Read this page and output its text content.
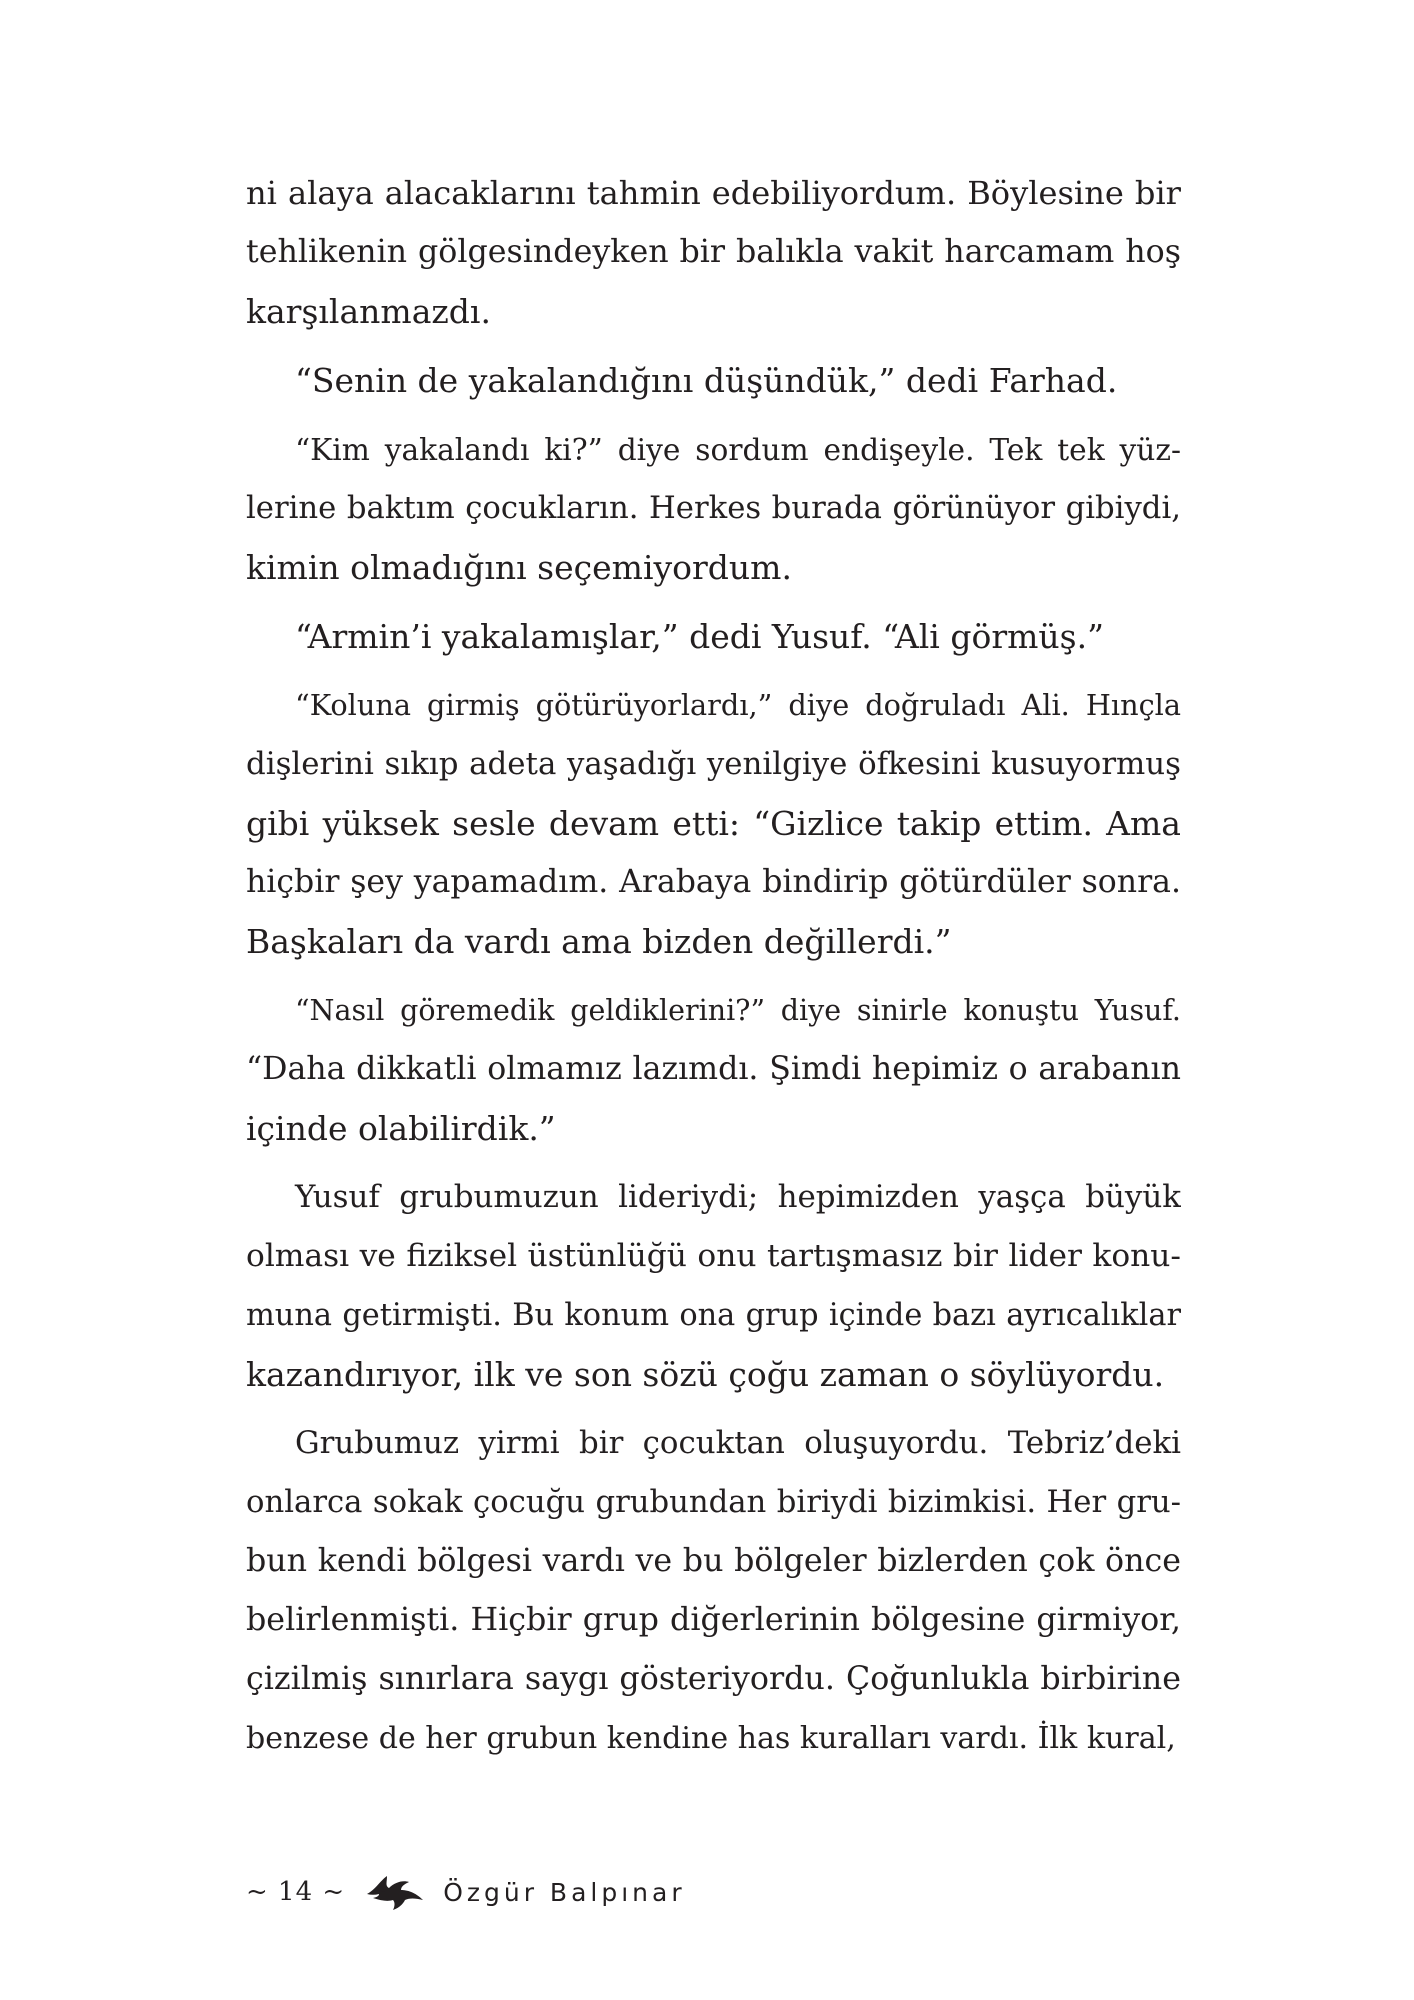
ni alaya alacaklarını tahmin edebiliyordum. Böylesine bir
tehlikenin gölgesindeyken bir balıkla vakit harcamam hoş
karşılanmazdı.
“Senin de yakalandığını düşündük,” dedi Farhad.
“Kim yakalandı ki?” diye sordum endişeyle. Tek tek yüz-
lerine baktım çocukların. Herkes burada görünüyor gibiydi,
kimin olmadığını seçemiyordum.
“Armin’i yakalamışlar,” dedi Yusuf. “Ali görmüş.”
“Koluna girmiş götürüyorlardı,” diye doğruladı Ali. Hınçla
dişlerini sıkıp adeta yaşadığı yenilgiye öfkesini kusuyormuş
gibi yüksek sesle devam etti: “Gizlice takip ettim. Ama
hiçbir şey yapamadım. Arabaya bindirip götürdüler sonra.
Başkaları da vardı ama bizden değillerdi.”
“Nasıl göremedik geldiklerini?” diye sinirle konuştu Yusuf.
“Daha dikkatli olmamız lazımdı. Şimdi hepimiz o arabanın
içinde olabilirdik.”
Yusuf grubumuzun lideriydi; hepimizden yaşça büyük
olması ve fiziksel üstünlüğü onu tartışmasız bir lider konu-
muna getirmişti. Bu konum ona grup içinde bazı ayrıcalıklar
kazandırıyor, ilk ve son sözü çoğu zaman o söylüyordu.
Grubumuz yirmi bir çocuktan oluşuyordu. Tebriz’deki
onlarca sokak çocuğu grubundan biriydi bizimkisi. Her gru-
bun kendi bölgesi vardı ve bu bölgeler bizlerden çok önce
belirlenmişti. Hiçbir grup diğerlerinin bölgesine girmiyor,
çizilmiş sınırlara saygı gösteriyordu. Çoğunlukla birbirine
benzese de her grubun kendine has kuralları vardı. İlk kural,
~ 14 ~	Özgür Balpınar
